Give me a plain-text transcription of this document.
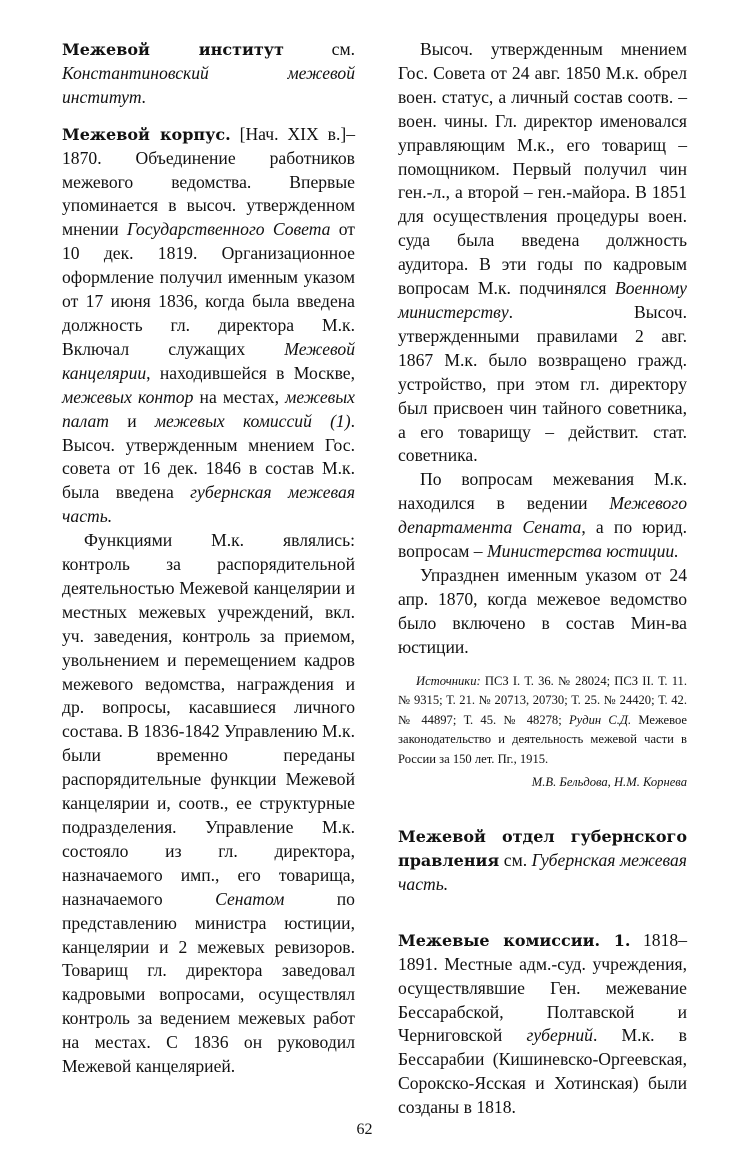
Межевой институт см. Константиновский межевой институт.

Межевой корпус. [Нач. XIX в.]–1870. Объединение работников межевого ведомства. Впервые упоминается в высоч. утвержденном мнении Государственного Совета от 10 дек. 1819. Организационное оформление получил именным указом от 17 июня 1836, когда была введена должность гл. директора М.к. Включал служащих Межевой канцелярии, находившейся в Москве, межевых контор на местах, межевых палат и межевых комиссий (1). Высоч. утвержденным мнением Гос. совета от 16 дек. 1846 в состав М.к. была введена губернская межевая часть.

Функциями М.к. являлись: контроль за распорядительной деятельностью Межевой канцелярии и местных межевых учреждений, вкл. уч. заведения, контроль за приемом, увольнением и перемещением кадров межевого ведомства, награждения и др. вопросы, касавшиеся личного состава. В 1836-1842 Управлению М.к. были временно переданы распорядительные функции Межевой канцелярии и, соотв., ее структурные подразделения. Управление М.к. состояло из гл. директора, назначаемого имп., его товарища, назначаемого Сенатом по представлению министра юстиции, канцелярии и 2 межевых ревизоров. Товарищ гл. директора заведовал кадровыми вопросами, осуществлял контроль за ведением межевых работ на местах. С 1836 он руководил Межевой канцелярией.

Высоч. утвержденным мнением Гос. Совета от 24 авг. 1850 М.к. обрел воен. статус, а личный состав соотв. – воен. чины. Гл. директор именовался управляющим М.к., его товарищ – помощником. Первый получил чин ген.-л., а второй – ген.-майора. В 1851 для осуществления процедуры воен. суда была введена должность аудитора. В эти годы по кадровым вопросам М.к. подчинялся Военному министерству. Высоч. утвержденными правилами 2 авг. 1867 М.к. было возвращено гражд. устройство, при этом гл. директору был присвоен чин тайного советника, а его товарищу – действит. стат. советника.

По вопросам межевания М.к. находился в ведении Межевого департамента Сената, а по юрид. вопросам – Министерства юстиции.

Упразднен именным указом от 24 апр. 1870, когда межевое ведомство было включено в состав Мин-ва юстиции.

Источники: ПСЗ I. Т. 36. № 28024; ПСЗ II. Т. 11. № 9315; Т. 21. № 20713, 20730; Т. 25. № 24420; Т. 42. № 44897; Т. 45. № 48278; Рудин С.Д. Межевое законодательство и деятельность межевой части в России за 150 лет. Пг., 1915.

М.В. Бельдова, Н.М. Корнева

Межевой отдел губернского правления см. Губернская межевая часть.

Межевые комиссии. 1. 1818–1891. Местные адм.-суд. учреждения, осуществлявшие Ген. межевание Бессарабской, Полтавской и Черниговской губерний. М.к. в Бессарабии (Кишиневско-Оргеевская, Сорокско-Ясская и Хотинская) были созданы в 1818.

62
